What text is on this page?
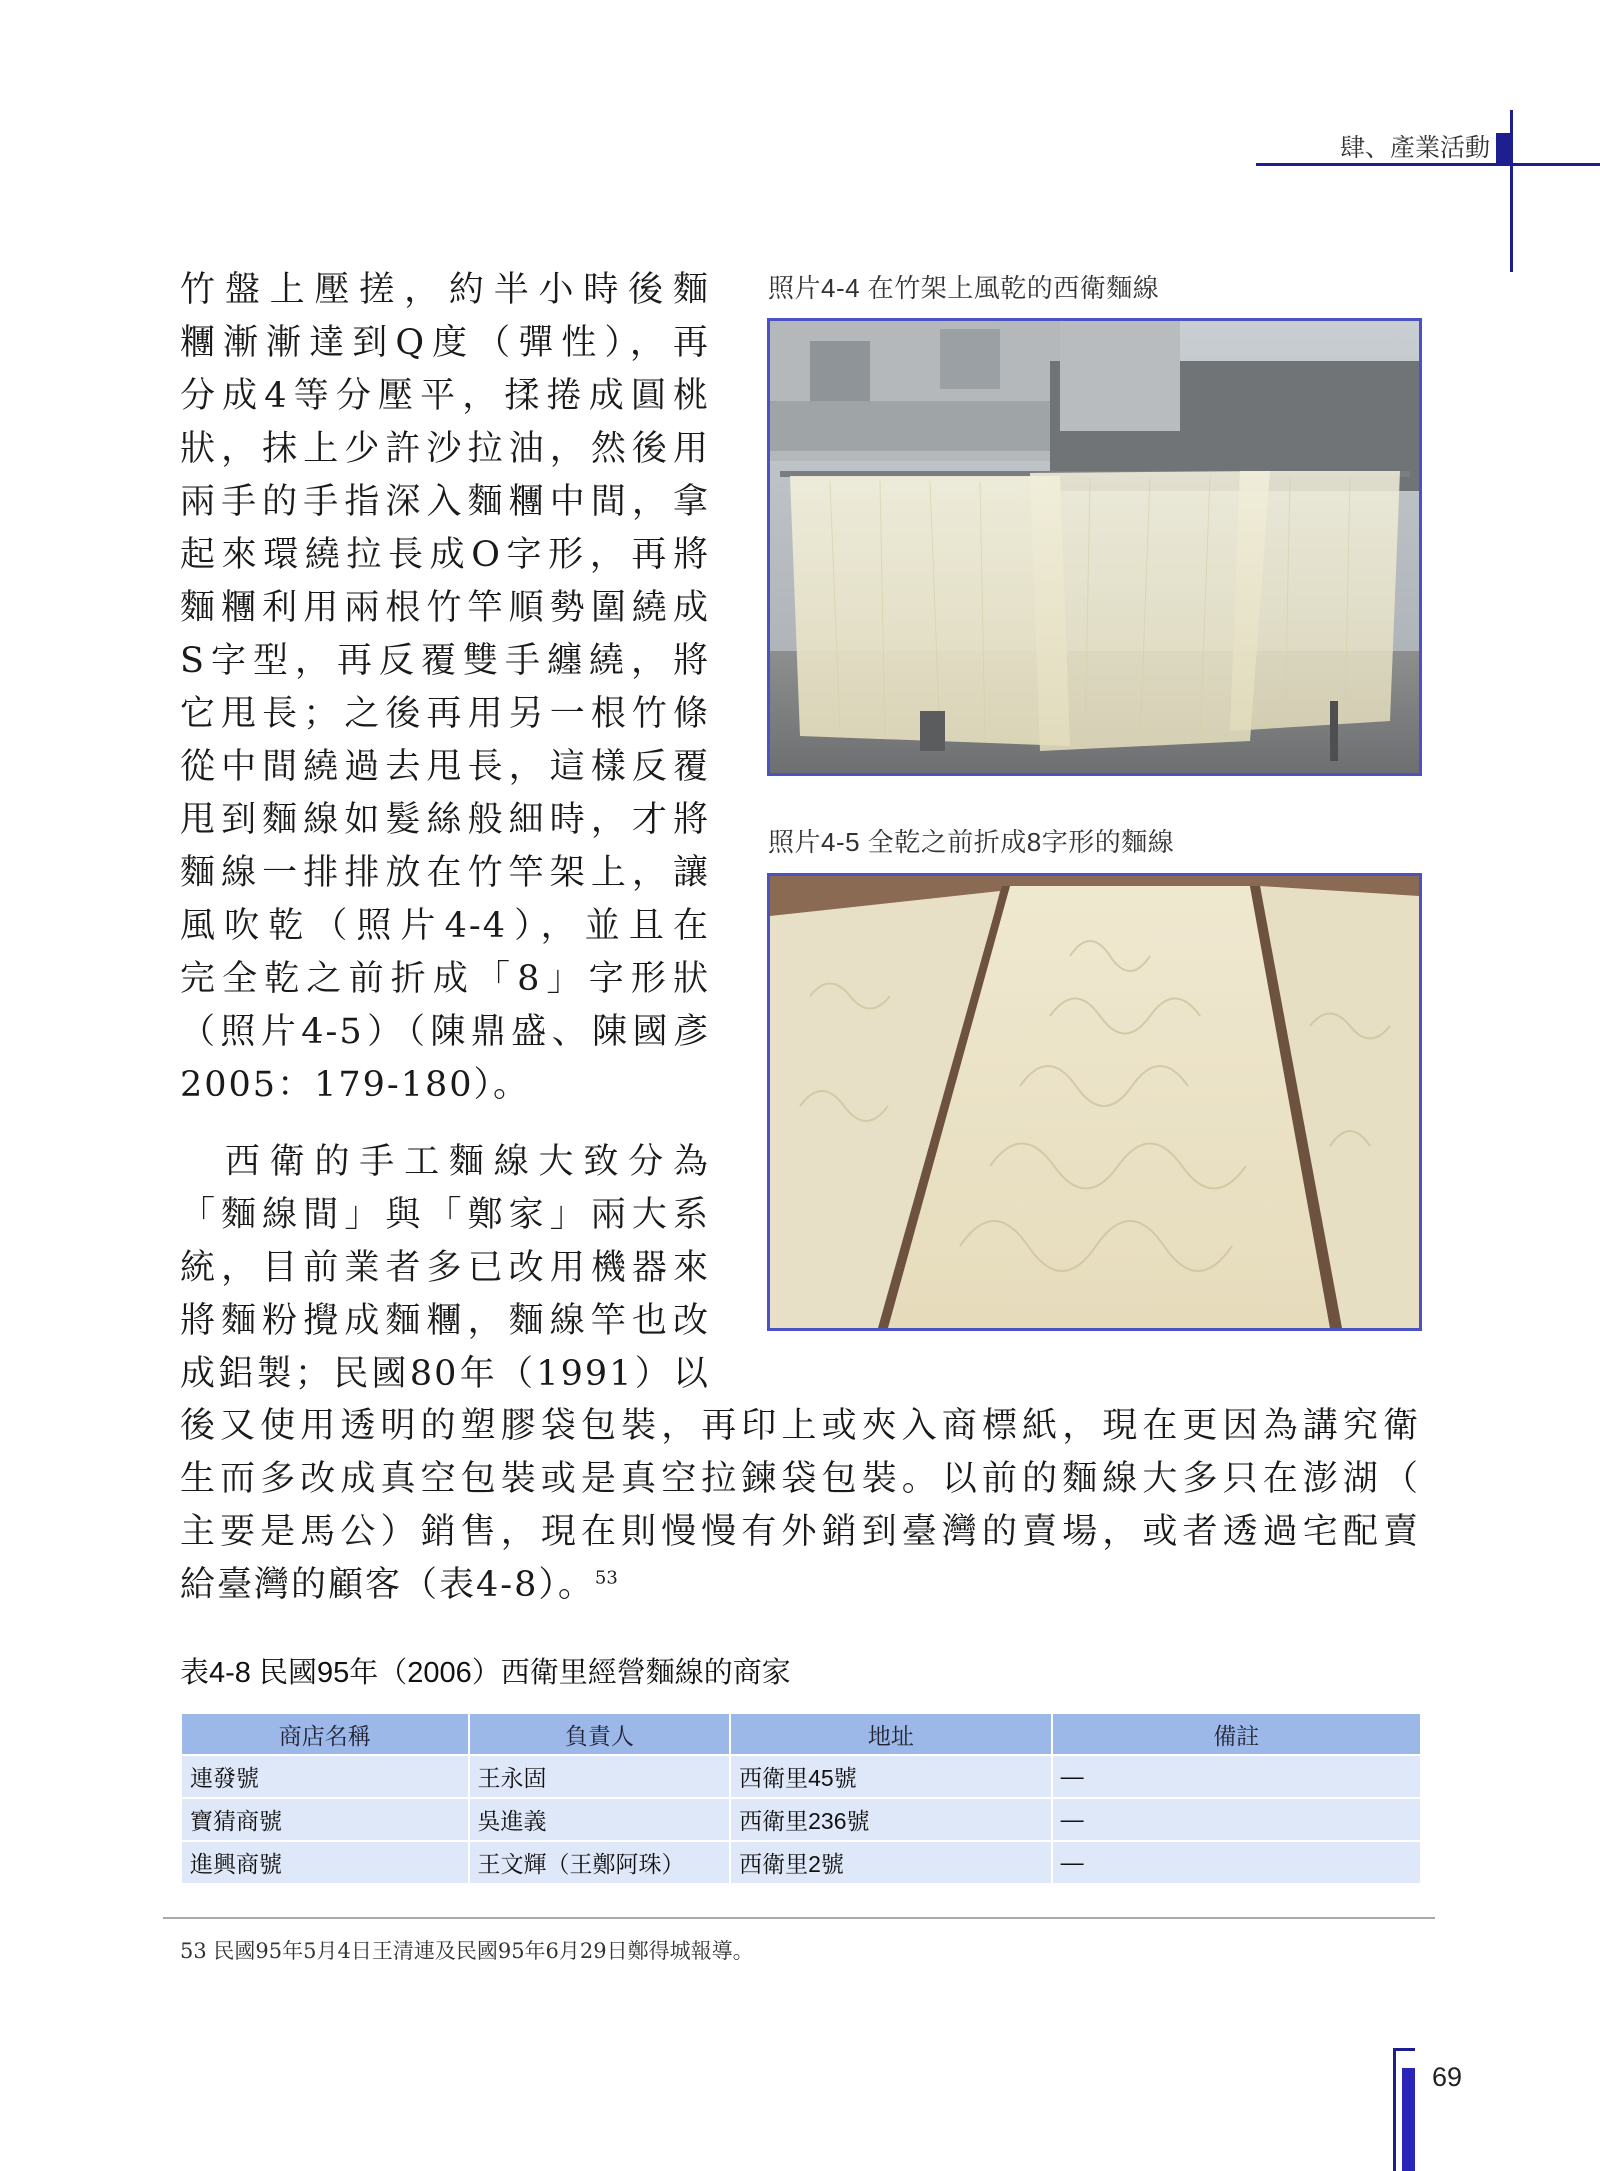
肆、產業活動
竹盤上壓搓，約半小時後麵
糰漸漸達到Q度（彈性），再
分成4等分壓平，揉捲成圓桃
狀，抹上少許沙拉油，然後用
兩手的手指深入麵糰中間，拿
起來環繞拉長成O字形，再將
麵糰利用兩根竹竿順勢圍繞成
S字型，再反覆雙手纏繞，將
它甩長；之後再用另一根竹條
從中間繞過去甩長，這樣反覆
甩到麵線如髮絲般細時，才將
麵線一排排放在竹竿架上，讓
風吹乾（照片4-4），並且在
完全乾之前折成「8」字形狀
（照片4-5）（陳鼎盛、陳國彥
2005：179-180）。
　西衛的手工麵線大致分為
「麵線間」與「鄭家」兩大系
統，目前業者多已改用機器來
將麵粉攪成麵糰，麵線竿也改
成鋁製；民國80年（1991）以
後又使用透明的塑膠袋包裝，再印上或夾入商標紙，現在更因為講究衛
生而多改成真空包裝或是真空拉鍊袋包裝。以前的麵線大多只在澎湖（
主要是馬公）銷售，現在則慢慢有外銷到臺灣的賣場，或者透過宅配賣
給臺灣的顧客（表4-8）。$^{53}$
照片4-4 在竹架上風乾的西衛麵線
照片4-5 全乾之前折成8字形的麵線
表4-8 民國95年（2006）西衛里經營麵線的商家
商店名稱	負責人	地址	備註
連發號	王永固	西衛里45號	—
寶猜商號	吳進義	西衛里236號	—
進興商號	王文輝（王鄭阿珠）	西衛里2號	—
53 民國95年5月4日王清連及民國95年6月29日鄭得城報導。
69
